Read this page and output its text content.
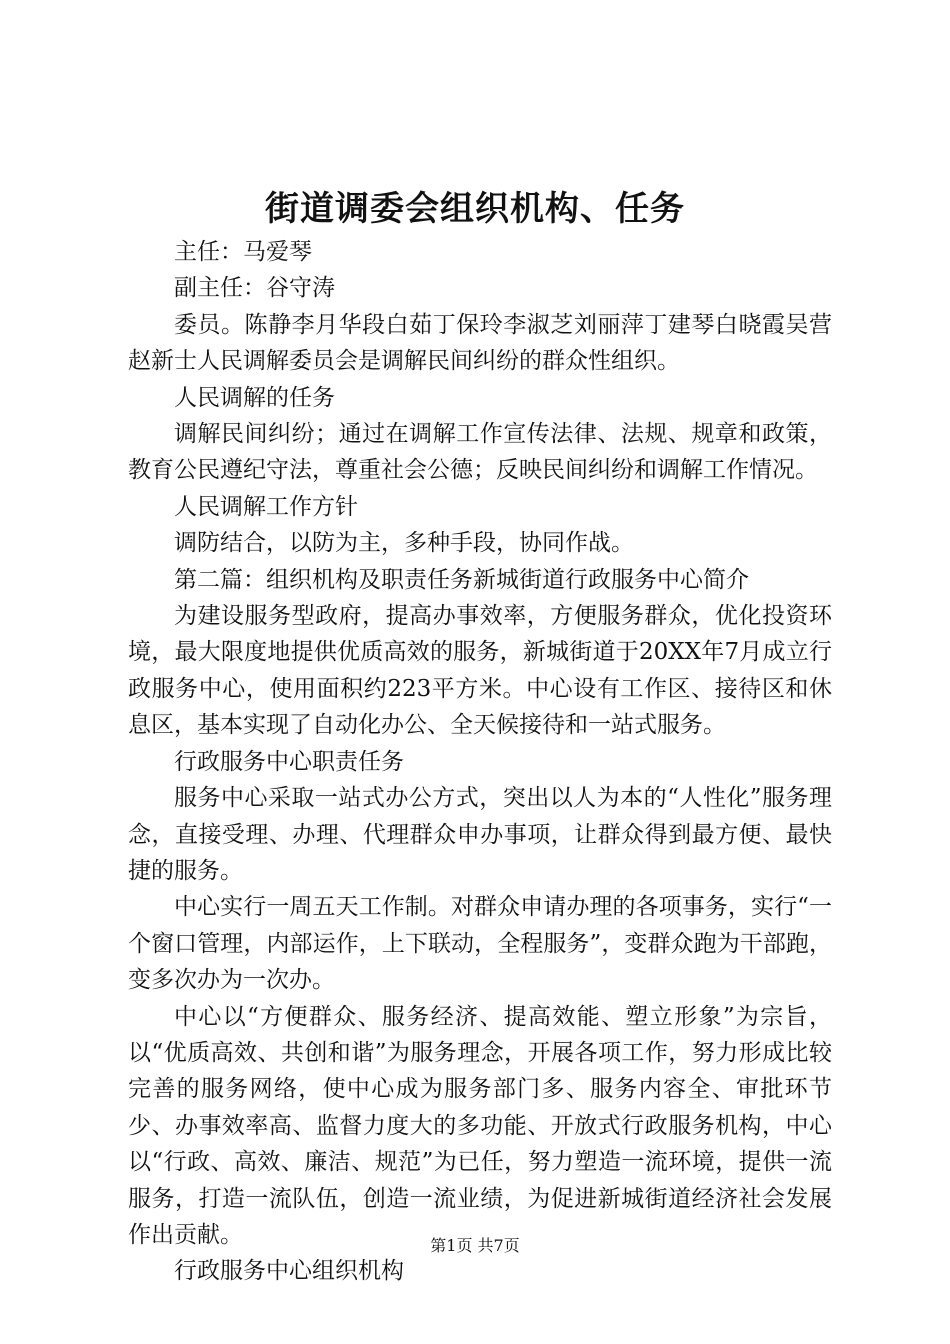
街道调委会组织机构、任务

主任：马爱琴

副主任：谷守涛

委员。陈静李月华段白茹丁保玲李淑芝刘丽萍丁建琴白晓霞吴营赵新士人民调解委员会是调解民间纠纷的群众性组织。

人民调解的任务

调解民间纠纷；通过在调解工作宣传法律、法规、规章和政策，教育公民遵纪守法，尊重社会公德；反映民间纠纷和调解工作情况。

人民调解工作方针

调防结合，以防为主，多种手段，协同作战。

第二篇：组织机构及职责任务新城街道行政服务中心简介

为建设服务型政府，提高办事效率，方便服务群众，优化投资环境，最大限度地提供优质高效的服务，新城街道于20XX年7月成立行政服务中心，使用面积约223平方米。中心设有工作区、接待区和休息区，基本实现了自动化办公、全天候接待和一站式服务。

行政服务中心职责任务

服务中心采取一站式办公方式，突出以人为本的“人性化”服务理念，直接受理、办理、代理群众申办事项，让群众得到最方便、最快捷的服务。

中心实行一周五天工作制。对群众申请办理的各项事务，实行“一个窗口管理，内部运作，上下联动，全程服务”，变群众跑为干部跑，变多次办为一次办。

中心以“方便群众、服务经济、提高效能、塑立形象”为宗旨，以“优质高效、共创和谐”为服务理念，开展各项工作，努力形成比较完善的服务网络，使中心成为服务部门多、服务内容全、审批环节少、办事效率高、监督力度大的多功能、开放式行政服务机构，中心以“行政、高效、廉洁、规范”为已任，努力塑造一流环境，提供一流服务，打造一流队伍，创造一流业绩，为促进新城街道经济社会发展作出贡献。

行政服务中心组织机构

第1页 共7页
